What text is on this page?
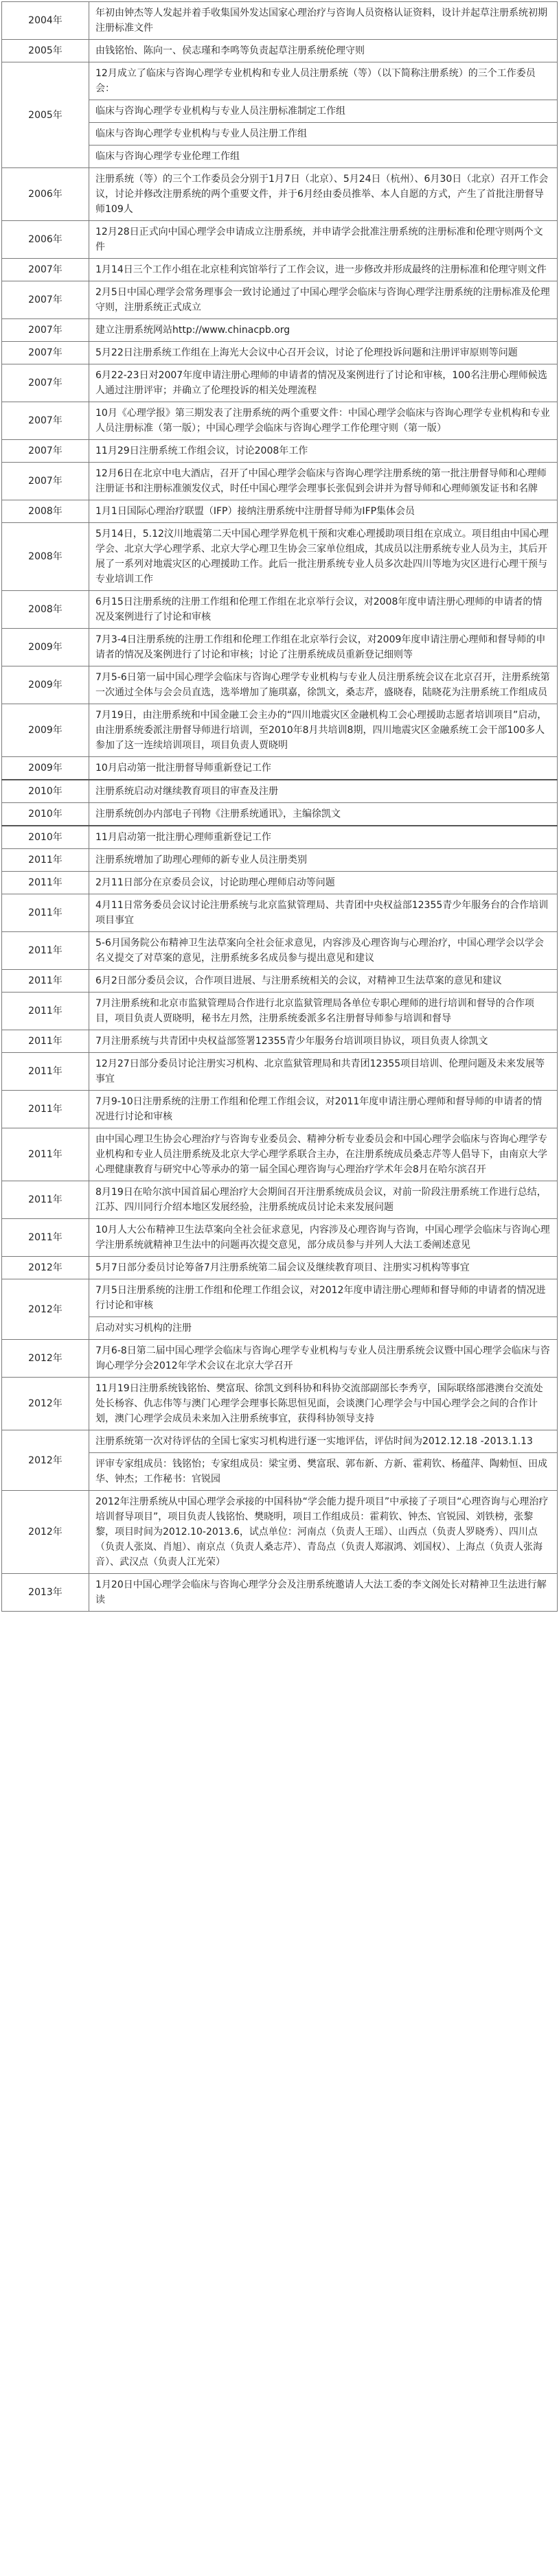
2004年	年初由钟杰等人发起并着手收集国外发达国家心理治疗与咨询人员资格认证资料，设计并起草注册系统初期注册标准文件

2005年	由钱铭怡、陈向一、侯志瑾和李鸣等负责起草注册系统伦理守则

2005年	12月成立了临床与咨询心理学专业机构和专业人员注册系统（等）（以下简称注册系统）的三个工作委员会：
临床与咨询心理学专业机构与专业人员注册标准制定工作组
临床与咨询心理学专业机构与专业人员注册工作组
临床与咨询心理学专业伦理工作组

2006年	注册系统（等）的三个工作委员会分别于1月7日（北京）、5月24日（杭州）、6月30日（北京）召开工作会议，讨论并修改注册系统的两个重要文件，并于6月经由委员推举、本人自愿的方式，产生了首批注册督导师109人

2006年	12月28日正式向中国心理学会申请成立注册系统，并申请学会批准注册系统的注册标准和伦理守则两个文件

2007年	1月14日三个工作小组在北京桂利宾馆举行了工作会议，进一步修改并形成最终的注册标准和伦理守则文件

2007年	2月5日中国心理学会常务理事会一致讨论通过了中国心理学会临床与咨询心理学注册系统的注册标准及伦理守则，注册系统正式成立

2007年	建立注册系统网站http://www.chinacpb.org

2007年	5月22日注册系统工作组在上海光大会议中心召开会议，讨论了伦理投诉问题和注册评审原则等问题

2007年	6月22-23日对2007年度申请注册心理师的申请者的情况及案例进行了讨论和审核，100名注册心理师候选人通过注册评审；并确立了伦理投诉的相关处理流程

2007年	10月《心理学报》第三期发表了注册系统的两个重要文件：中国心理学会临床与咨询心理学专业机构和专业人员注册标准（第一版）；中国心理学会临床与咨询心理学工作伦理守则（第一版）

2007年	11月29日注册系统工作组会议，讨论2008年工作

2007年	12月6日在北京中电大酒店，召开了中国心理学会临床与咨询心理学注册系统的第一批注册督导师和心理师注册证书和注册标准颁发仪式，时任中国心理学会理事长张侃到会讲并为督导师和心理师颁发证书和名牌

2008年	1月1日国际心理治疗联盟（IFP）接纳注册系统中注册督导师为IFP集体会员

2008年	5月14日，5.12汶川地震第二天中国心理学界危机干预和灾难心理援助项目组在京成立。项目组由中国心理学会、北京大学心理学系、北京大学心理卫生协会三家单位组成，其成员以注册系统专业人员为主，其后开展了一系列对地震灾区的心理援助工作。此后一批注册系统专业人员多次赴四川等地为灾区进行心理干预与专业培训工作

2008年	6月15日注册系统的注册工作组和伦理工作组在北京举行会议，对2008年度申请注册心理师的申请者的情况及案例进行了讨论和审核

2009年	7月3-4日注册系统的注册工作组和伦理工作组在北京举行会议，对2009年度申请注册心理师和督导师的申请者的情况及案例进行了讨论和审核；讨论了注册系统成员重新登记细则等

2009年	7月5-6日第一届中国心理学会临床与咨询心理学专业机构与专业人员注册系统会议在北京召开，注册系统第一次通过全体与会会员直选，选举增加了施琪嘉，徐凯文，桑志芹，盛晓春，陆晓花为注册系统工作组成员

2009年	7月19日，由注册系统和中国金融工会主办的“四川地震灾区金融机构工会心理援助志愿者培训项目”启动，由注册系统委派注册督导师进行培训，至2010年8月共培训8期，四川地震灾区金融系统工会干部100多人参加了这一连续培训项目，项目负责人贾晓明

2009年	10月启动第一批注册督导师重新登记工作

2010年	注册系统启动对继续教育项目的审查及注册

2010年	注册系统创办内部电子刊物《注册系统通讯》，主编徐凯文

2010年	11月启动第一批注册心理师重新登记工作

2011年	注册系统增加了助理心理师的新专业人员注册类别

2011年	2月11日部分在京委员会议，讨论助理心理师启动等问题

2011年	4月11日常务委员会议讨论注册系统与北京监狱管理局、共青团中央权益部12355青少年服务台的合作培训项目事宜

2011年	5-6月国务院公布精神卫生法草案向全社会征求意见，内容涉及心理咨询与心理治疗，中国心理学会以学会名义提交了对草案的意见，注册系统多名成员参与提出意见和建议

2011年	6月2日部分委员会议，合作项目进展、与注册系统相关的会议，对精神卫生法草案的意见和建议

2011年	7月注册系统和北京市监狱管理局合作进行北京监狱管理局各单位专职心理师的进行培训和督导的合作项目，项目负责人贾晓明，秘书左月然，注册系统委派多名注册督导师参与培训和督导

2011年	7月注册系统与共青团中央权益部签署12355青少年服务台培训项目协议，项目负责人徐凯文

2011年	12月27日部分委员讨论注册实习机构、北京监狱管理局和共青团12355项目培训、伦理问题及未来发展等事宜

2011年	7月9-10日注册系统的注册工作组和伦理工作组会议，对2011年度申请注册心理师和督导师的申请者的情况进行讨论和审核

2011年	由中国心理卫生协会心理治疗与咨询专业委员会、精神分析专业委员会和中国心理学会临床与咨询心理学专业机构和专业人员注册系统及北京大学心理学系联合主办，在注册系统成员桑志芹等人倡导下，由南京大学心理健康教育与研究中心等承办的第一届全国心理咨询与心理治疗学术年会8月在哈尔滨召开

2011年	8月19日在哈尔滨中国首届心理治疗大会期间召开注册系统成员会议，对前一阶段注册系统工作进行总结，江苏、四川同行介绍本地区发展经验，注册系统成员讨论未来发展问题

2011年	10月人大公布精神卫生法草案向全社会征求意见，内容涉及心理咨询与咨询，中国心理学会临床与咨询心理学注册系统就精神卫生法中的问题再次提交意见，部分成员参与并列人大法工委阐述意见

2012年	5月7日部分委员讨论筹备7月注册系统第二届会议及继续教育项目、注册实习机构等事宜

2012年	7月5日注册系统的注册工作组和伦理工作组会议，对2012年度申请注册心理师和督导师的申请者的情况进行讨论和审核
启动对实习机构的注册

2012年	7月6-8日第二届中国心理学会临床与咨询心理学专业机构与专业人员注册系统会议暨中国心理学会临床与咨询心理学分会2012年学术会议在北京大学召开

2012年	11月19日注册系统钱铭怡、樊富珉、徐凯文到科协和科协交流部副部长李秀亨，国际联络部港澳台交流处处长杨容、仇志伟等与澳门心理学会理事长陈思恒见面，会谈澳门心理学会与中国心理学会之间的合作计划，澳门心理学会成员未来加入注册系统事宜，获得科协领导支持

2012年	注册系统第一次对待评估的全国七家实习机构进行逐一实地评估，评估时间为2012.12.18 -2013.1.13
评审专家组成员：钱铭怡；专家组成员：梁宝勇、樊富珉、郭布新、方新、霍莉钦、杨蕴萍、陶勑恒、田成华、钟杰；工作秘书：官锐园

2012年	2012年注册系统从中国心理学会承接的中国科协“学会能力提升项目”中承接了子项目“心理咨询与心理治疗培训督导项目”，项目负责人钱铭怡、樊晓明，项目工作组成员：霍莉钦、钟杰、官锐园、刘铁榜，张黎黎，项目时间为2012.10-2013.6，试点单位：河南点（负责人王瑶）、山西点（负责人罗晓秀）、四川点（负责人张岚、肖旭）、南京点（负责人桑志芹）、青岛点（负责人郑淑鸿、刘国权）、上海点（负责人张海音）、武汉点（负责人江光荣）

2013年	1月20日中国心理学会临床与咨询心理学分会及注册系统邀请人大法工委的李文阁处长对精神卫生法进行解读
